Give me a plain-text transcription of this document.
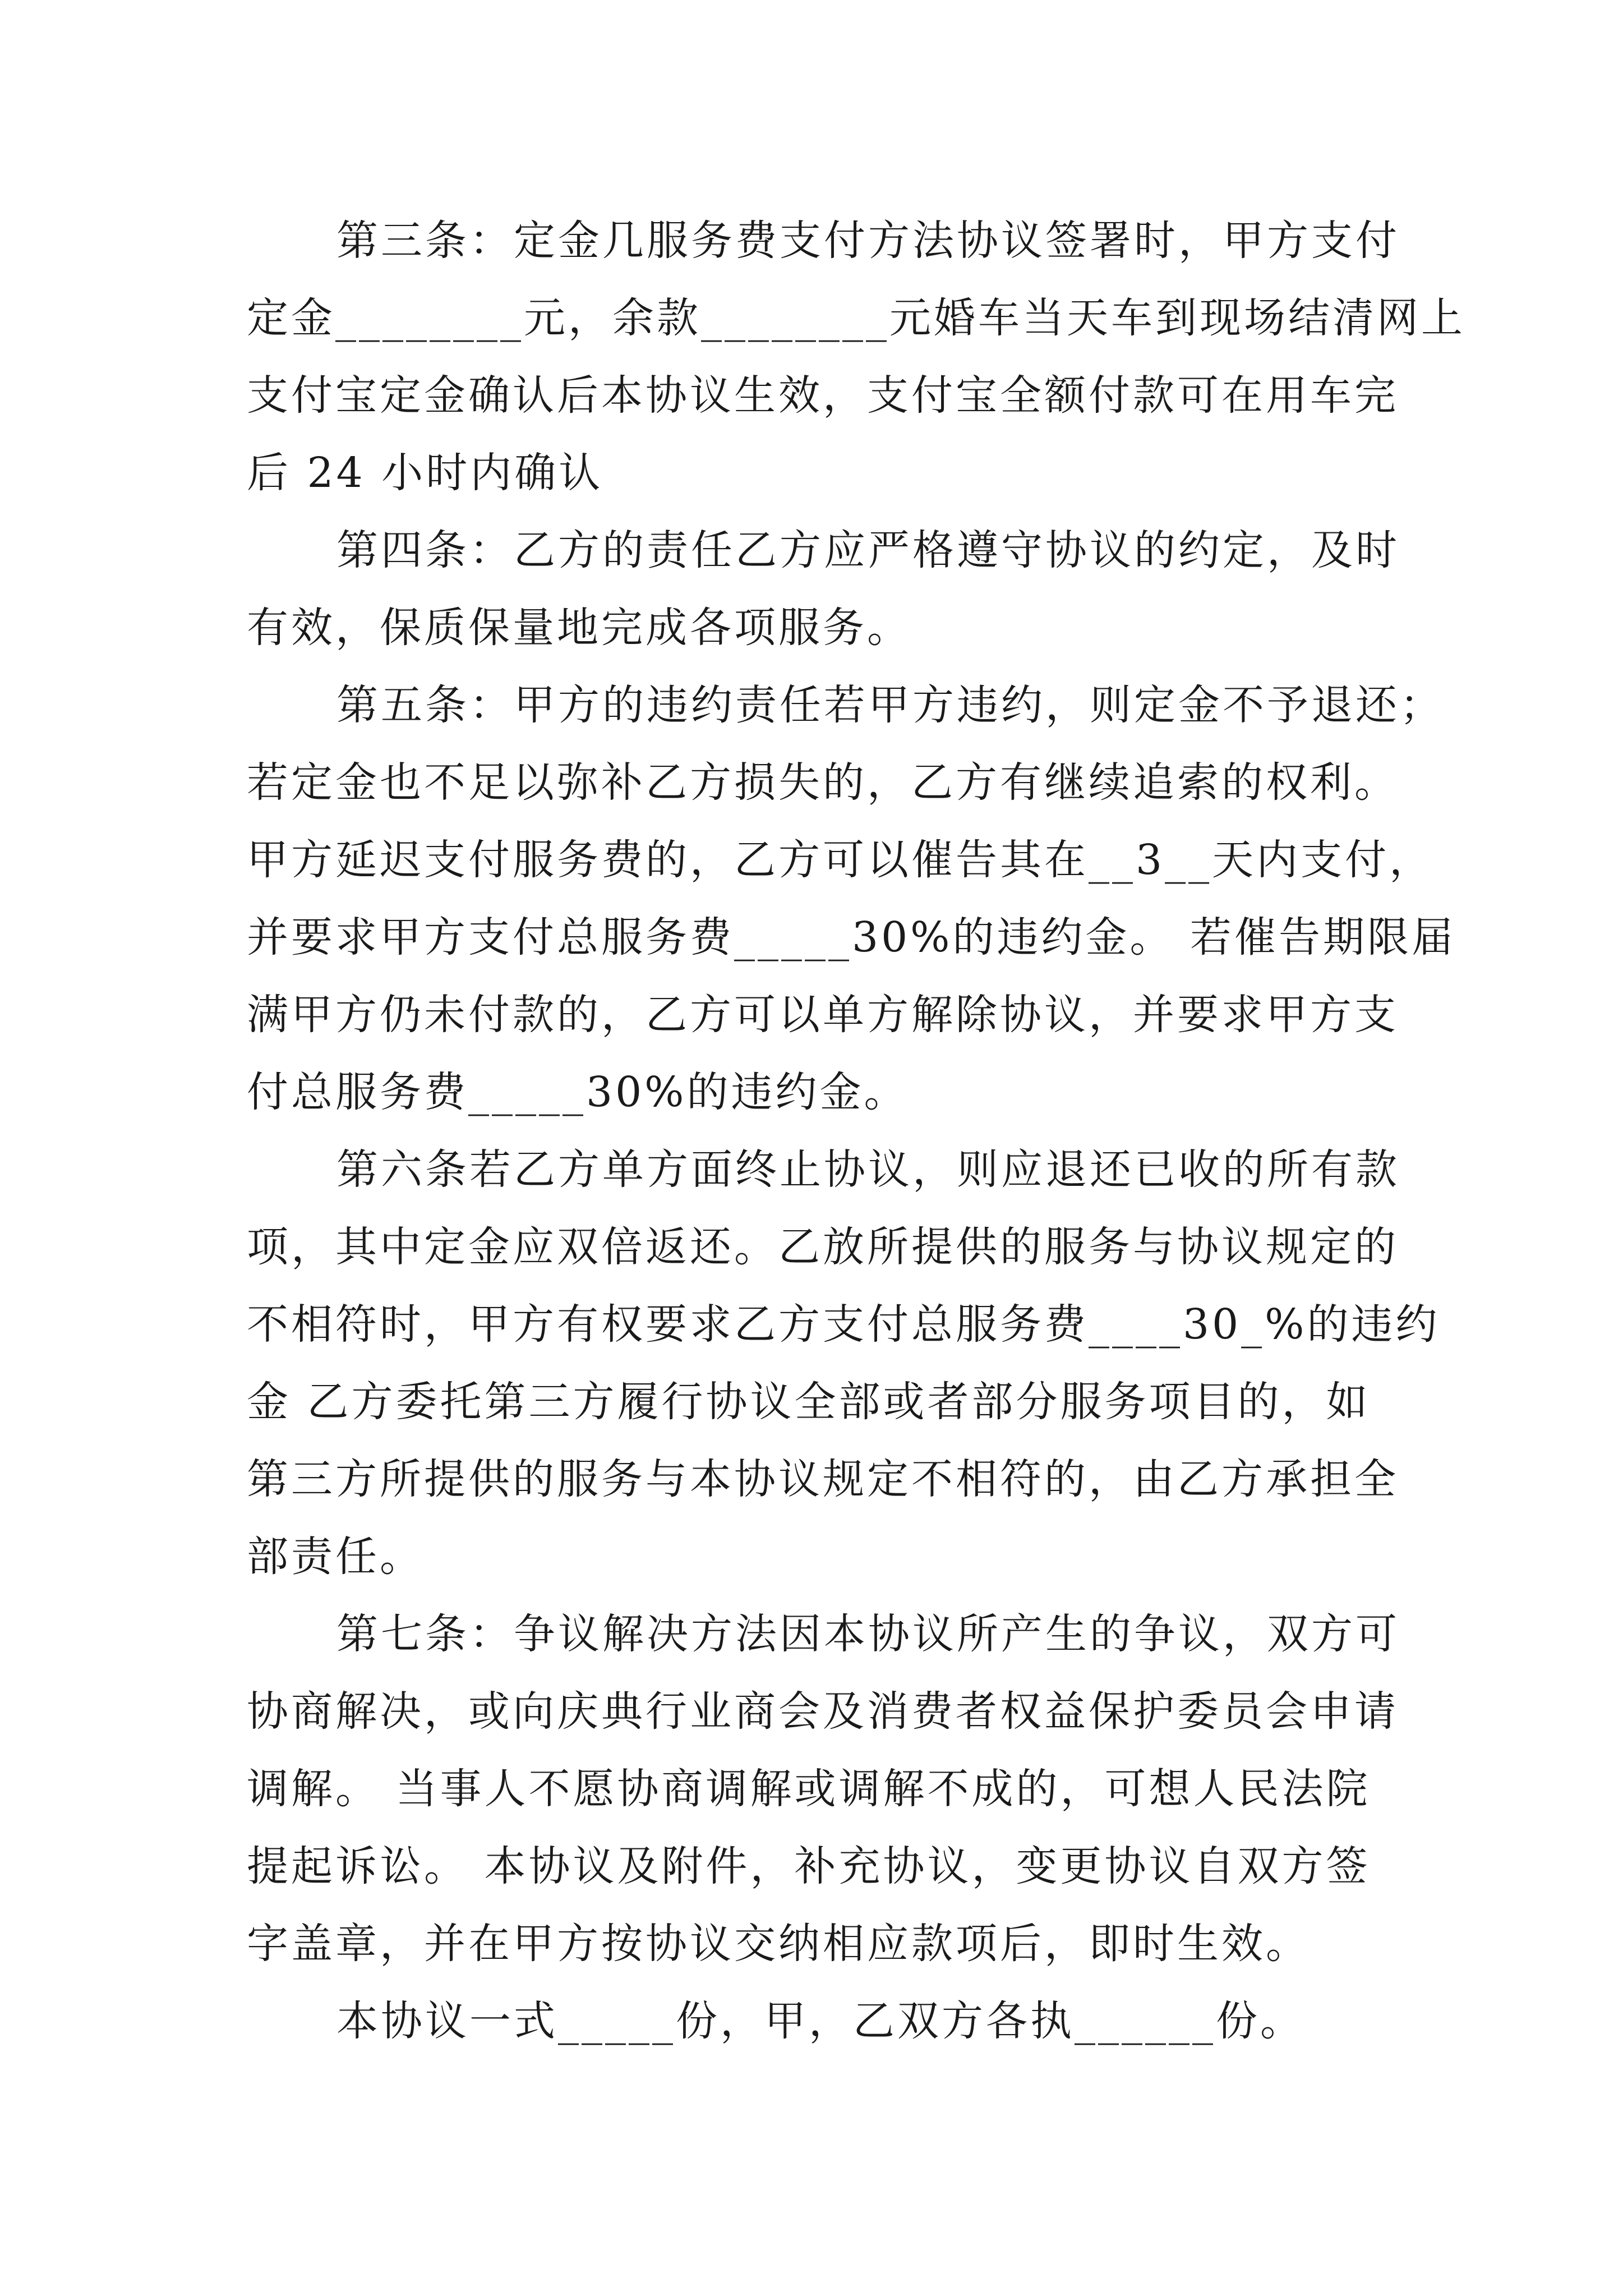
第三条：定金几服务费支付方法协议签署时，甲方支付
定金________元，余款________元婚车当天车到现场结清网上
支付宝定金确认后本协议生效，支付宝全额付款可在用车完
后 24 小时内确认
第四条：乙方的责任乙方应严格遵守协议的约定，及时
有效，保质保量地完成各项服务。
第五条：甲方的违约责任若甲方违约，则定金不予退还；
若定金也不足以弥补乙方损失的，乙方有继续追索的权利。
甲方延迟支付服务费的，乙方可以催告其在__3__天内支付，
并要求甲方支付总服务费_____30%的违约金。 若催告期限届
满甲方仍未付款的，乙方可以单方解除协议，并要求甲方支
付总服务费_____30%的违约金。
第六条若乙方单方面终止协议，则应退还已收的所有款
项，其中定金应双倍返还。乙放所提供的服务与协议规定的
不相符时，甲方有权要求乙方支付总服务费____30_%的违约
金 乙方委托第三方履行协议全部或者部分服务项目的，如
第三方所提供的服务与本协议规定不相符的，由乙方承担全
部责任。
第七条：争议解决方法因本协议所产生的争议，双方可
协商解决，或向庆典行业商会及消费者权益保护委员会申请
调解。 当事人不愿协商调解或调解不成的，可想人民法院
提起诉讼。 本协议及附件，补充协议，变更协议自双方签
字盖章，并在甲方按协议交纳相应款项后，即时生效。
本协议一式_____份，甲，乙双方各执______份。
